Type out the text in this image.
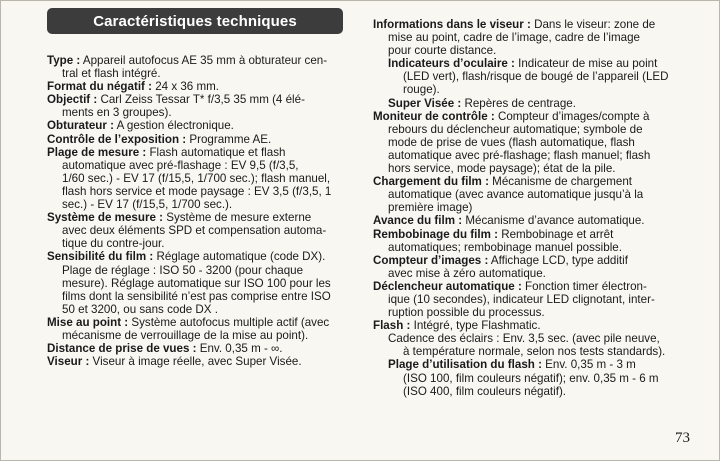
Caractéristiques techniques
Type : Appareil autofocus AE 35 mm à obturateur cen-
tral et flash intégré.
Format du négatif : 24 x 36 mm.
Objectif : Carl Zeiss Tessar T* f/3,5 35 mm (4 élé-
ments en 3 groupes).
Obturateur : A gestion électronique.
Contrôle de l’exposition : Programme AE.
Plage de mesure : Flash automatique et flash
automatique avec pré-flashage : EV 9,5 (f/3,5,
1/60 sec.) - EV 17 (f/15,5, 1/700 sec.); flash manuel,
flash hors service et mode paysage : EV 3,5 (f/3,5, 1
sec.) - EV 17 (f/15,5, 1/700 sec.).
Système de mesure : Système de mesure externe
avec deux éléments SPD et compensation automa-
tique du contre-jour.
Sensibilité du film : Réglage automatique (code DX).
Plage de réglage : ISO 50 - 3200 (pour chaque
mesure). Réglage automatique sur ISO 100 pour les
films dont la sensibilité n’est pas comprise entre ISO
50 et 3200, ou sans code DX .
Mise au point : Système autofocus multiple actif (avec
mécanisme de verrouillage de la mise au point).
Distance de prise de vues : Env. 0,35 m - ∞.
Viseur : Viseur à image réelle, avec Super Visée.
Informations dans le viseur : Dans le viseur: zone de
mise au point, cadre de l’image, cadre de l’image
pour courte distance.
Indicateurs d’oculaire : Indicateur de mise au point
(LED vert), flash/risque de bougé de l’appareil (LED
rouge).
Super Visée : Repères de centrage.
Moniteur de contrôle : Compteur d’images/compte à
rebours du déclencheur automatique; symbole de
mode de prise de vues (flash automatique, flash
automatique avec pré-flashage; flash manuel; flash
hors service, mode paysage); état de la pile.
Chargement du film : Mécanisme de chargement
automatique (avec avance automatique jusqu’à la
première image)
Avance du film : Mécanisme d’avance automatique.
Rembobinage du film : Rembobinage et arrêt
automatiques; rembobinage manuel possible.
Compteur d’images : Affichage LCD, type additif
avec mise à zéro automatique.
Déclencheur automatique : Fonction timer électron-
ique (10 secondes), indicateur LED clignotant, inter-
ruption possible du processus.
Flash : Intégré, type Flashmatic.
Cadence des éclairs : Env. 3,5 sec. (avec pile neuve,
à température normale, selon nos tests standards).
Plage d’utilisation du flash : Env. 0,35 m - 3 m
(ISO 100, film couleurs négatif); env. 0,35 m - 6 m
(ISO 400, film couleurs négatif).
73
